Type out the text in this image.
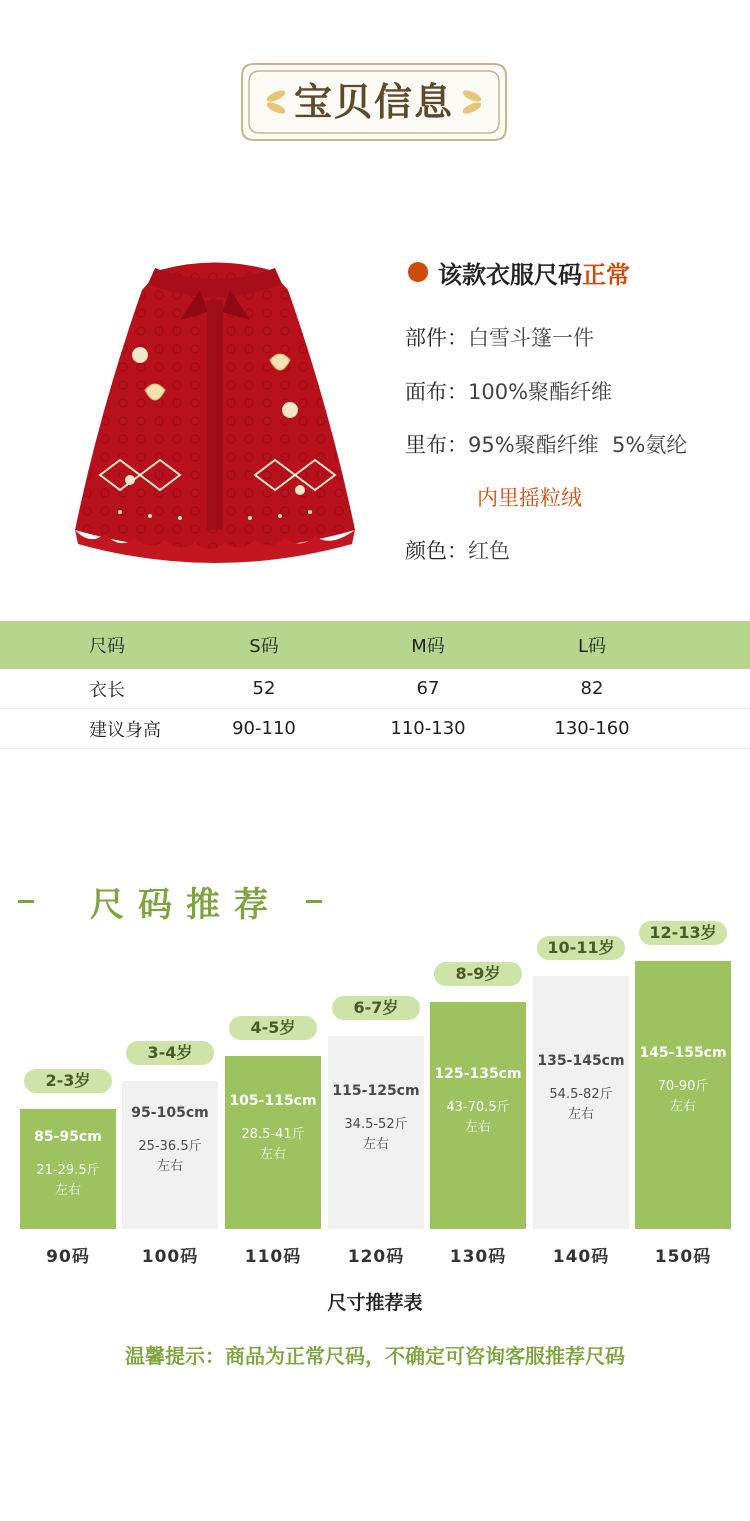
宝贝信息
该款衣服尺码 正常
部件：白雪斗篷一件
面布：100%聚酯纤维
里布：95%聚酯纤维  5%氨纶
内里摇粒绒
颜色：红色
尺码	S码	M码	L码
衣长	52	67	82
建议身高	90-110	110-130	130-160
尺码推荐
85-95cm
21-29.5斤
左右
2-3岁
90码
95-105cm
25-36.5斤
左右
3-4岁
100码
105-115cm
28.5-41斤
左右
4-5岁
110码
115-125cm
34.5-52斤
左右
6-7岁
120码
125-135cm
43-70.5斤
左右
8-9岁
130码
135-145cm
54.5-82斤
左右
10-11岁
140码
145-155cm
70-90斤
左右
12-13岁
150码
尺寸推荐表
温馨提示：商品为正常尺码，不确定可咨询客服推荐尺码
